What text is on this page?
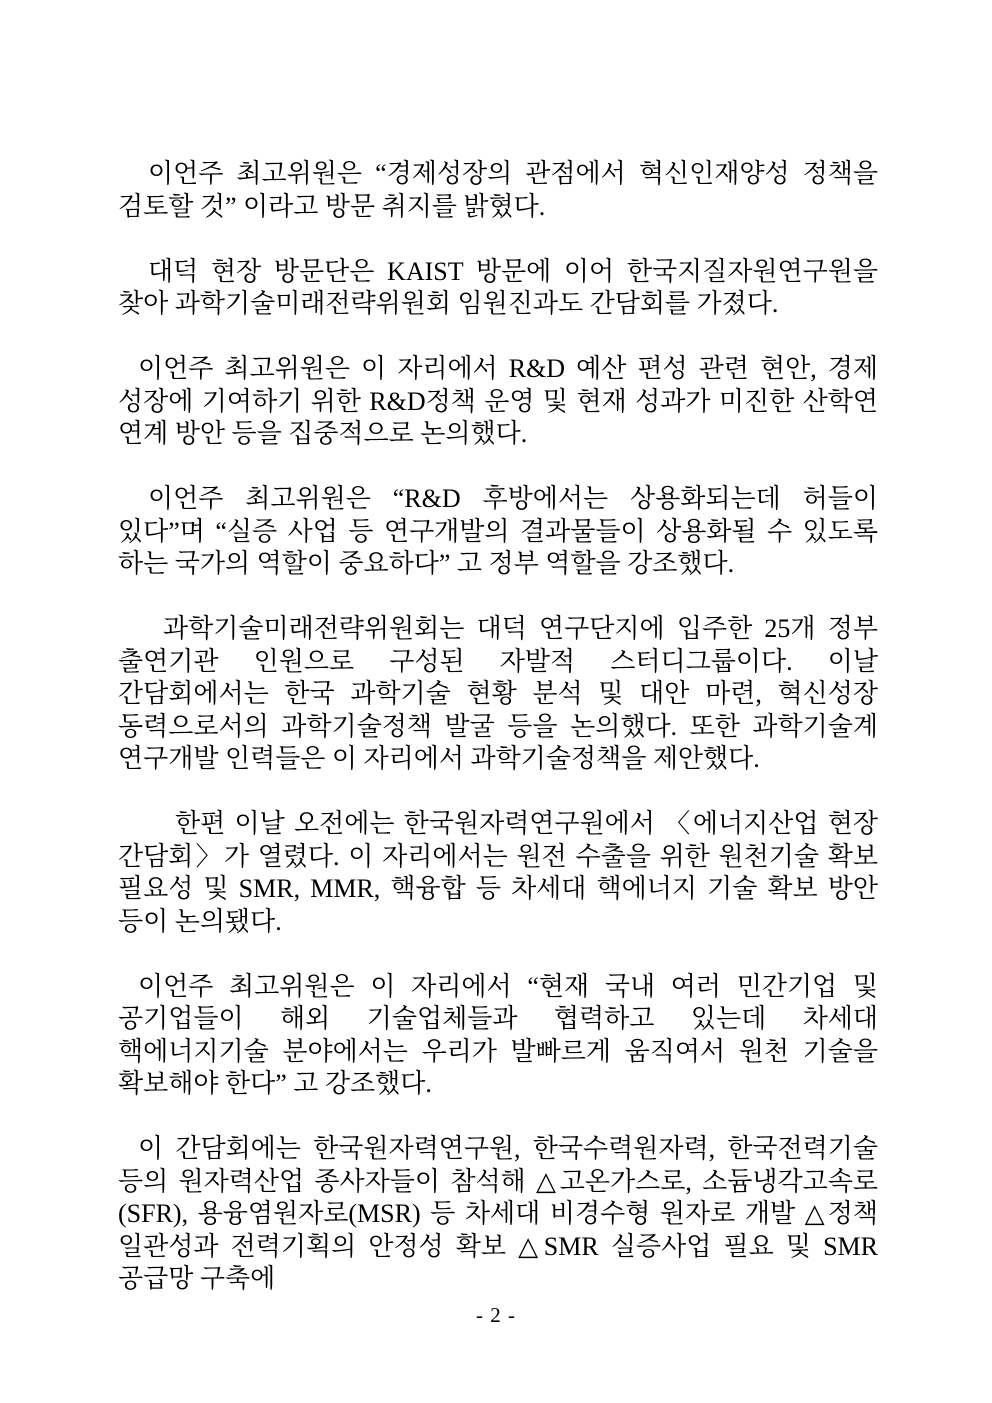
이언주 최고위원은 “경제성장의 관점에서 혁신인재양성 정책을 검토할 것” 이라고 방문 취지를 밝혔다.

대덕 현장 방문단은 KAIST 방문에 이어 한국지질자원연구원을 찾아 과학기술미래전략위원회 임원진과도 간담회를 가졌다.

이언주 최고위원은 이 자리에서 R&D 예산 편성 관련 현안, 경제 성장에 기여하기 위한 R&D정책 운영 및 현재 성과가 미진한 산학연 연계 방안 등을 집중적으로 논의했다.

이언주 최고위원은 “R&D 후방에서는 상용화되는데 허들이 있다”며 “실증 사업 등 연구개발의 결과물들이 상용화될 수 있도록 하는 국가의 역할이 중요하다” 고 정부 역할을 강조했다.

과학기술미래전략위원회는 대덕 연구단지에 입주한 25개 정부 출연기관 인원으로 구성된 자발적 스터디그룹이다. 이날 간담회에서는 한국 과학기술 현황 분석 및 대안 마련, 혁신성장 동력으로서의 과학기술정책 발굴 등을 논의했다. 또한 과학기술계 연구개발 인력들은 이 자리에서 과학기술정책을 제안했다.

한편 이날 오전에는 한국원자력연구원에서 〈에너지산업 현장 간담회〉가 열렸다. 이 자리에서는 원전 수출을 위한 원천기술 확보 필요성 및 SMR, MMR, 핵융합 등 차세대 핵에너지 기술 확보 방안 등이 논의됐다.

이언주 최고위원은 이 자리에서 “현재 국내 여러 민간기업 및 공기업들이 해외 기술업체들과 협력하고 있는데 차세대 핵에너지기술 분야에서는 우리가 발빠르게 움직여서 원천 기술을 확보해야 한다” 고 강조했다.

이 간담회에는 한국원자력연구원, 한국수력원자력, 한국전력기술 등의 원자력산업 종사자들이 참석해 △고온가스로, 소듐냉각고속로(SFR), 용융염원자로(MSR) 등 차세대 비경수형 원자로 개발 △정책 일관성과 전력기획의 안정성 확보 △SMR 실증사업 필요 및 SMR 공급망 구축에

- 2 -
